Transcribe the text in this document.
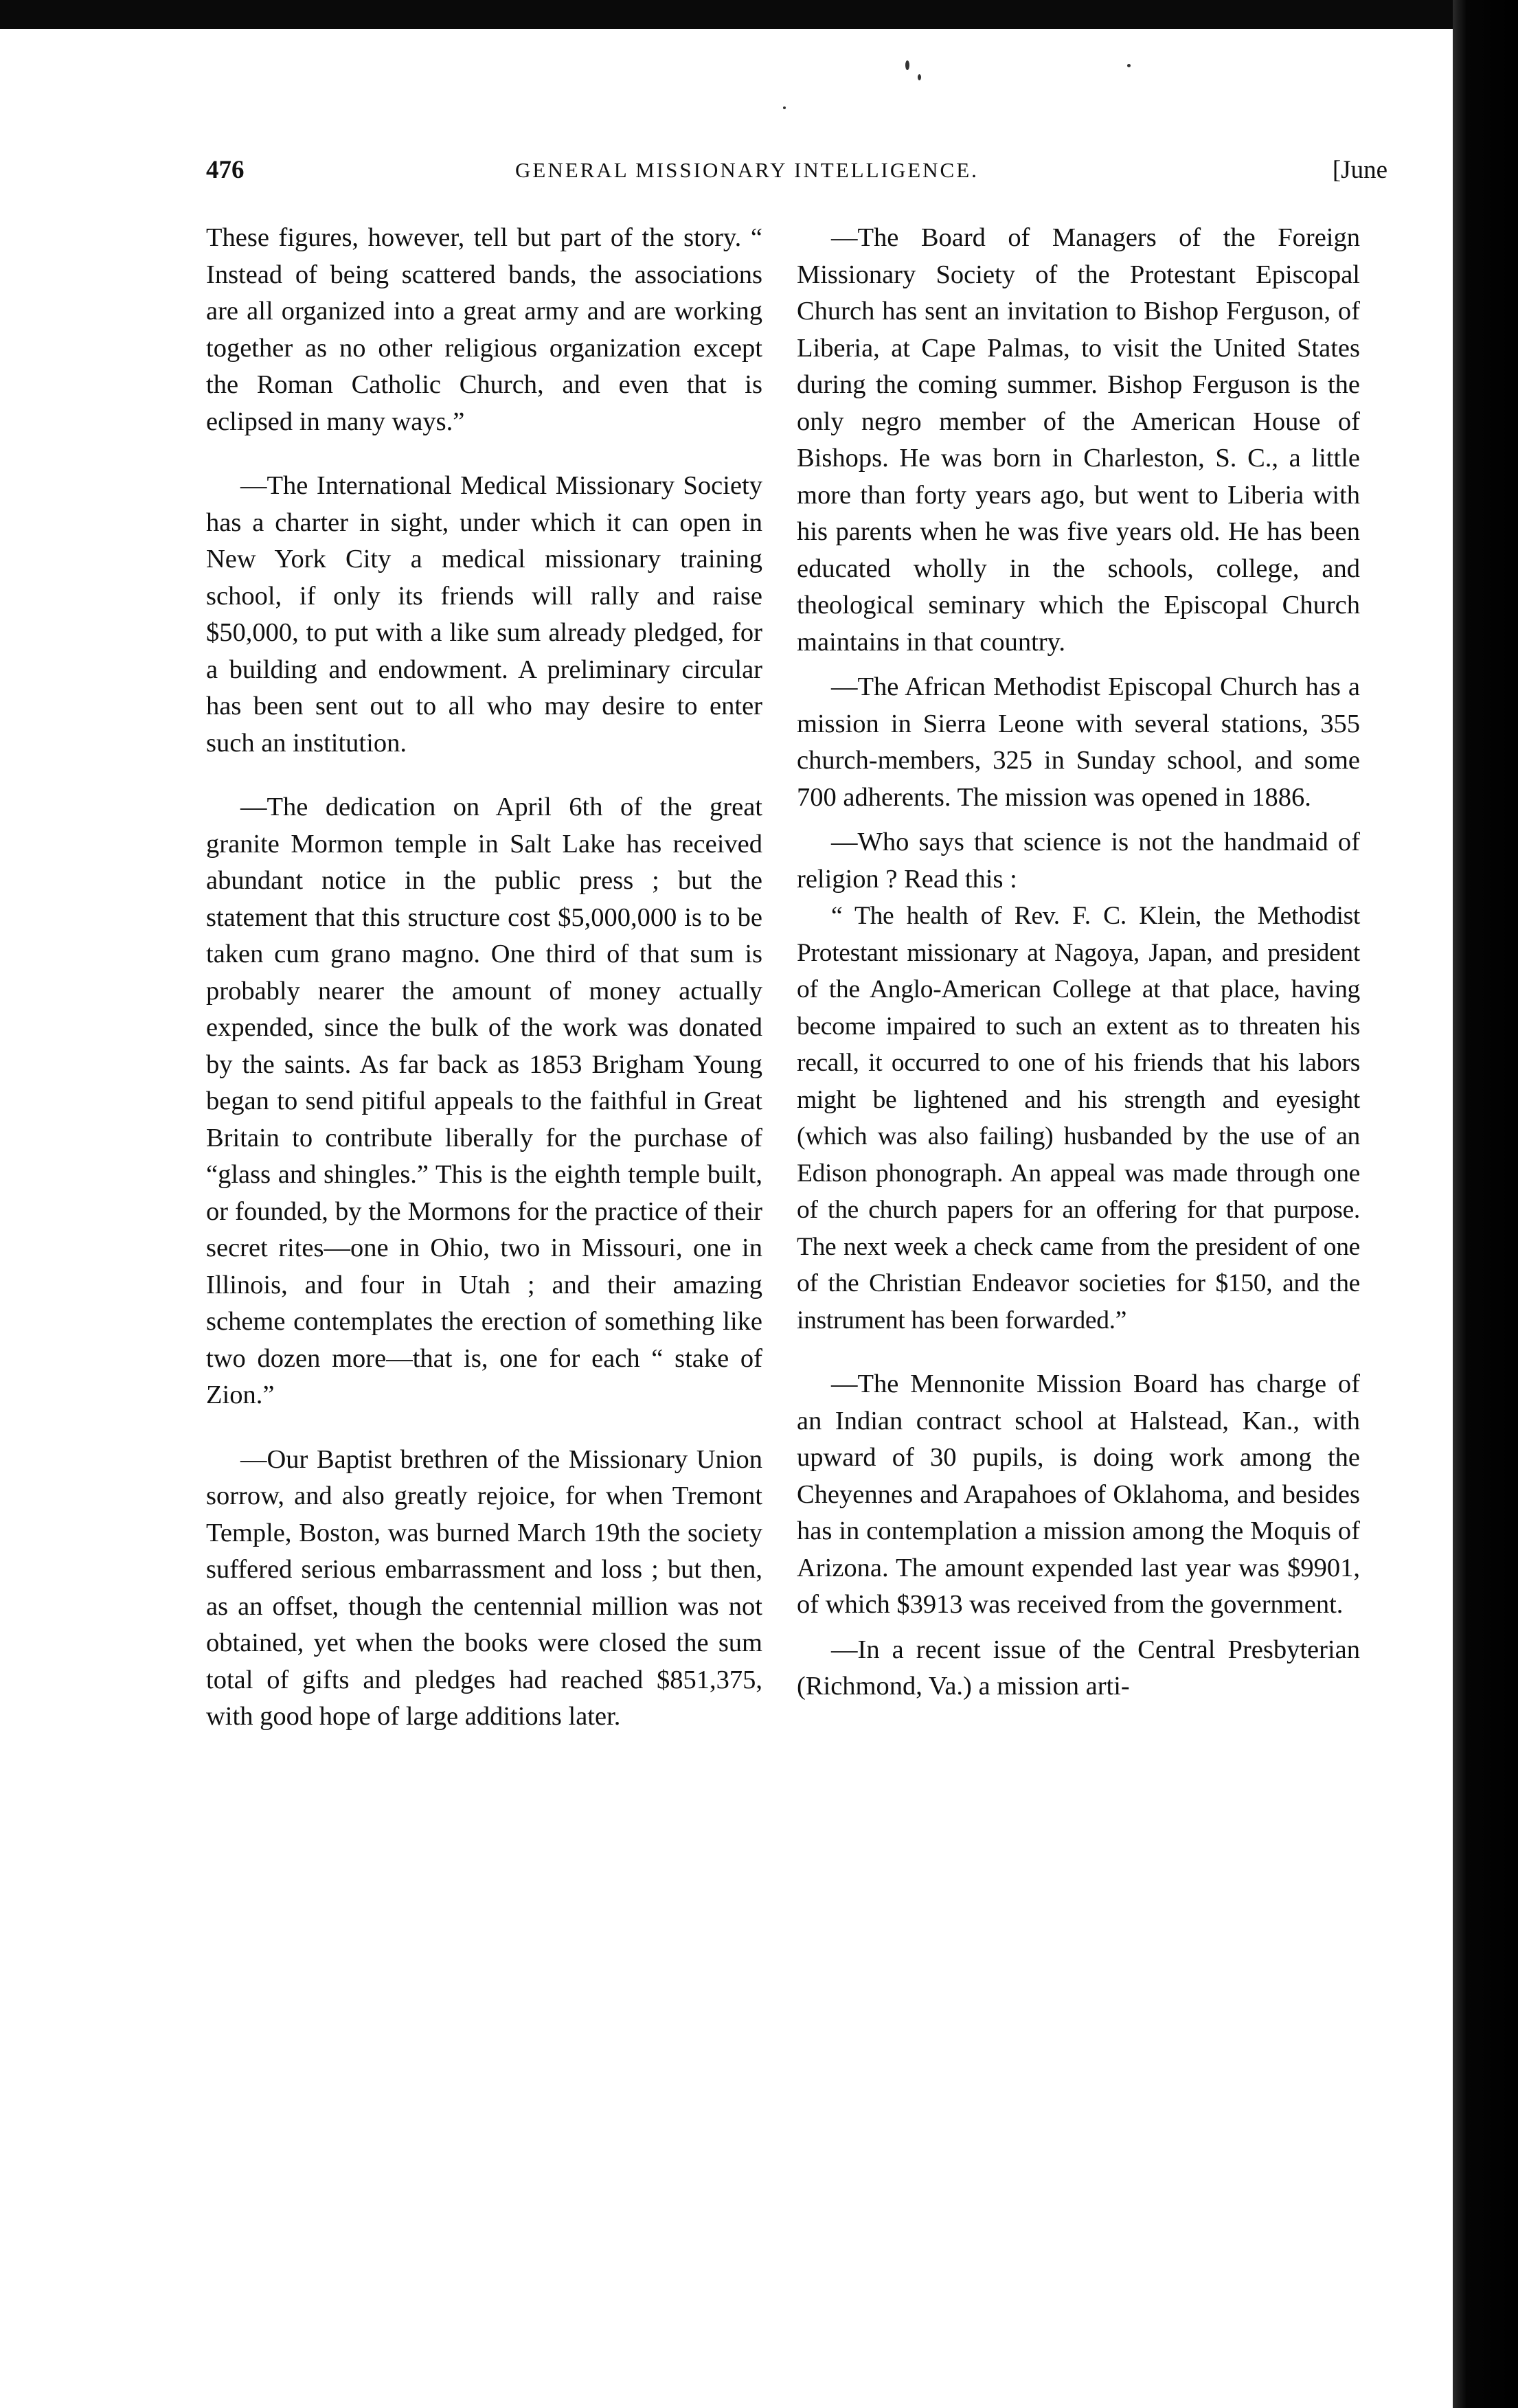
476	GENERAL MISSIONARY INTELLIGENCE.	[June

These figures, however, tell but part of the story. “ Instead of being scattered bands, the associations are all organized into a great army and are working together as no other religious organization except the Roman Catholic Church, and even that is eclipsed in many ways.”

—The International Medical Missionary Society has a charter in sight, under which it can open in New York City a medical missionary training school, if only its friends will rally and raise $50,000, to put with a like sum already pledged, for a building and endowment. A preliminary circular has been sent out to all who may desire to enter such an institution.

—The dedication on April 6th of the great granite Mormon temple in Salt Lake has received abundant notice in the public press ; but the statement that this structure cost $5,000,000 is to be taken cum grano magno. One third of that sum is probably nearer the amount of money actually expended, since the bulk of the work was donated by the saints. As far back as 1853 Brigham Young began to send pitiful appeals to the faithful in Great Britain to contribute liberally for the purchase of “glass and shingles.” This is the eighth temple built, or founded, by the Mormons for the practice of their secret rites—one in Ohio, two in Missouri, one in Illinois, and four in Utah ; and their amazing scheme contemplates the erection of something like two dozen more—that is, one for each “ stake of Zion.”

—Our Baptist brethren of the Missionary Union sorrow, and also greatly rejoice, for when Tremont Temple, Boston, was burned March 19th the society suffered serious embarrassment and loss ; but then, as an offset, though the centennial million was not obtained, yet when the books were closed the sum total of gifts and pledges had reached $851,375, with good hope of large additions later.

—The Board of Managers of the Foreign Missionary Society of the Protestant Episcopal Church has sent an invitation to Bishop Ferguson, of Liberia, at Cape Palmas, to visit the United States during the coming summer. Bishop Ferguson is the only negro member of the American House of Bishops. He was born in Charleston, S. C., a little more than forty years ago, but went to Liberia with his parents when he was five years old. He has been educated wholly in the schools, college, and theological seminary which the Episcopal Church maintains in that country.

—The African Methodist Episcopal Church has a mission in Sierra Leone with several stations, 355 church-members, 325 in Sunday school, and some 700 adherents. The mission was opened in 1886.

—Who says that science is not the handmaid of religion ? Read this :

“ The health of Rev. F. C. Klein, the Methodist Protestant missionary at Nagoya, Japan, and president of the Anglo-American College at that place, having become impaired to such an extent as to threaten his recall, it occurred to one of his friends that his labors might be lightened and his strength and eyesight (which was also failing) husbanded by the use of an Edison phonograph. An appeal was made through one of the church papers for an offering for that purpose. The next week a check came from the president of one of the Christian Endeavor societies for $150, and the instrument has been forwarded.”

—The Mennonite Mission Board has charge of an Indian contract school at Halstead, Kan., with upward of 30 pupils, is doing work among the Cheyennes and Arapahoes of Oklahoma, and besides has in contemplation a mission among the Moquis of Arizona. The amount expended last year was $9901, of which $3913 was received from the government.

—In a recent issue of the Central Presbyterian (Richmond, Va.) a mission arti-
